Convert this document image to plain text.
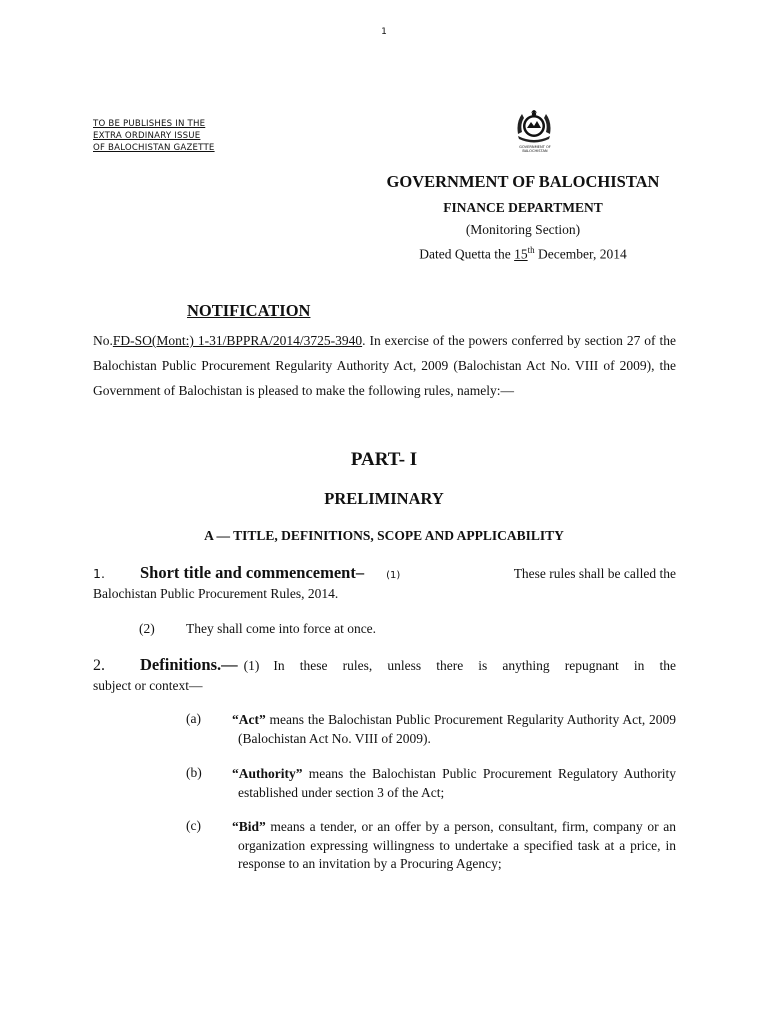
1
TO BE PUBLISHES IN THE
EXTRA ORDINARY ISSUE
OF BALOCHISTAN GAZETTE	GOVERNMENT OF BALOCHISTAN
GOVERNMENT OF BALOCHISTAN
FINANCE DEPARTMENT
(Monitoring Section)
Dated Quetta the 15th December, 2014
NOTIFICATION
No.FD-SO(Mont:) 1-31/BPPRA/2014/3725-3940. In exercise of the powers conferred by section 27 of the Balochistan Public Procurement Regularity Authority Act, 2009 (Balochistan Act No. VIII of 2009), the Government of Balochistan is pleased to make the following rules, namely:—
PART- I
PRELIMINARY
A — TITLE, DEFINITIONS, SCOPE AND APPLICABILITY
1.	Short title and commencement – (1)	These rules shall be called the
Balochistan Public Procurement Rules, 2014.
(2) They shall come into force at once.
2.	Definitions. — (1) In these rules, unless there is anything repugnant in the
subject or context—
(a) “Act” means the Balochistan Public Procurement Regularity Authority Act, 2009 (Balochistan Act No. VIII of 2009).
(b) “Authority” means the Balochistan Public Procurement Regulatory Authority established under section 3 of the Act;
(c) “Bid” means a tender, or an offer by a person, consultant, firm, company or an organization expressing willingness to undertake a specified task at a price, in response to an invitation by a Procuring Agency;
